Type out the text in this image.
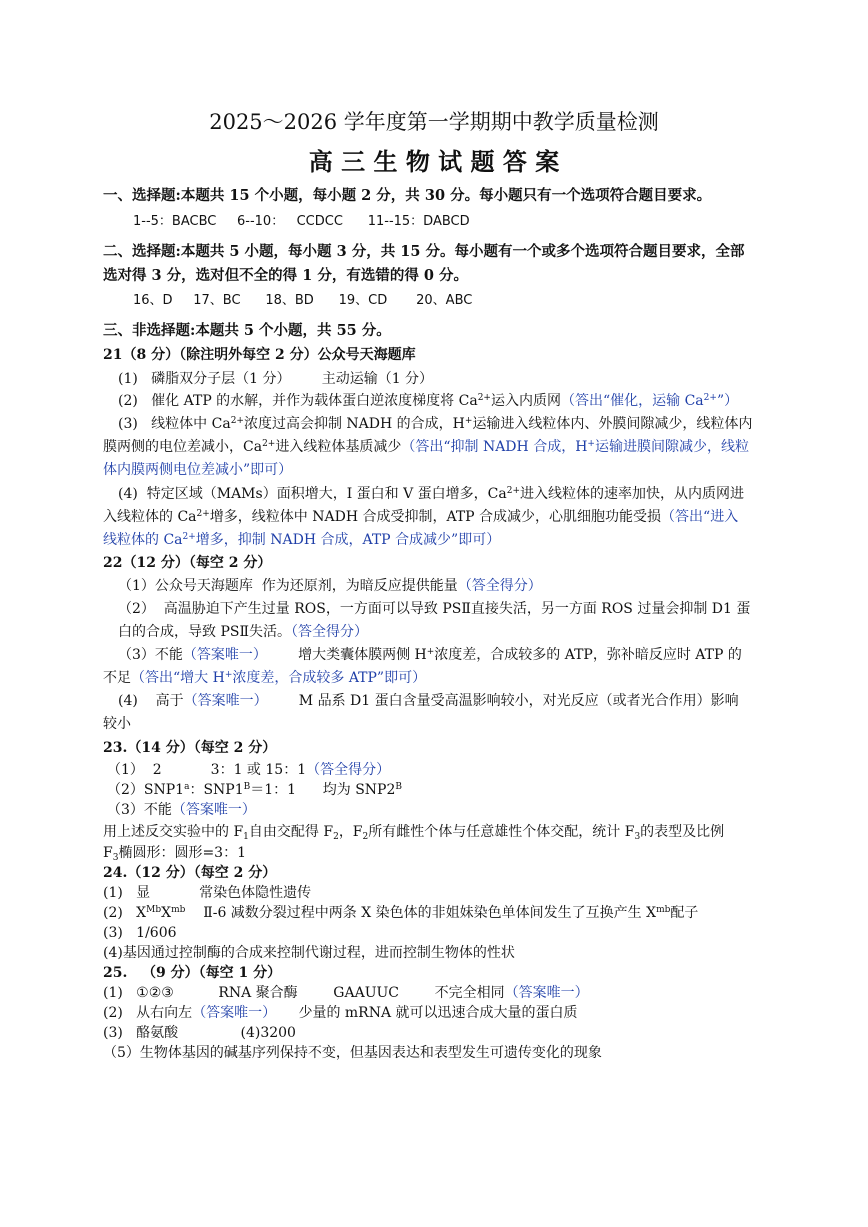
2025～2026 学年度第一学期期中教学质量检测
高 三 生 物 试 题 答 案
一、选择题:本题共 15 个小题，每小题 2 分，共 30 分。每小题只有一个选项符合题目要求。
1--5：BACBC     6--10：   CCDCC      11--15：DABCD
二、选择题:本题共 5 小题，每小题 3 分，共 15 分。每小题有一个或多个选项符合题目要求，全部
选对得 3 分，选对但不全的得 1 分，有选错的得 0 分。
16、D     17、BC      18、BD      19、CD       20、ABC
三、非选择题:本题共 5 个小题，共 55 分。
21（8 分）（除注明外每空 2 分）公众号天海题库
(1)   磷脂双分子层（1 分）       主动运输（1 分）
(2)   催化 ATP 的水解，并作为载体蛋白逆浓度梯度将 $Ca^{2+}$运入内质网（答出“催化，运输 $Ca^{2+}$”）
(3)   线粒体中 $Ca^{2+}$浓度过高会抑制 NADH 的合成，H+运输进入线粒体内、外膜间隙减少，线粒体内
膜两侧的电位差减小，$Ca^{2+}$进入线粒体基质减少（答出“抑制 NADH 合成，H+运输进膜间隙减少，线粒
体内膜两侧电位差减小”即可）
(4)  特定区域（MAMs）面积增大，I 蛋白和 V 蛋白增多，$Ca^{2+}$进入线粒体的速率加快，从内质网进
入线粒体的 $Ca^{2+}$增多，线粒体中 NADH 合成受抑制，ATP 合成减少，心肌细胞功能受损（答出“进入
线粒体的 $Ca^{2+}$增多，抑制 NADH 合成，ATP 合成减少”即可）
22（12 分）（每空 2 分）
（1）公众号天海题库  作为还原剂，为暗反应提供能量（答全得分）
（2）  高温胁迫下产生过量 ROS，一方面可以导致 PSⅡ直接失活，另一方面 ROS 过量会抑制 D1 蛋
白的合成，导致 PSⅡ失活。（答全得分）
（3）不能（答案唯一）       增大类囊体膜两侧 H+浓度差，合成较多的 ATP，弥补暗反应时 ATP 的
不足（答出“增大 H+浓度差，合成较多 ATP”即可）
(4)    高于（答案唯一）       M 品系 D1 蛋白含量受高温影响较小，对光反应（或者光合作用）影响
较小
23.（14 分）（每空 2 分）
（1）  2           3：1 或 15：1（答全得分）
（2）SNP1$^a$：$SNP1^B=1$：1      均为 $SNP2^B$
（3）不能（答案唯一）
用上述反交实验中的 $F_1$自由交配得 $F_2$，$F_2$所有雌性个体与任意雄性个体交配，统计 $F_3$的表型及比例
$F_3$椭圆形：圆形=3：1
24.（12 分）（每空 2 分）
(1)   显           常染色体隐性遗传
(2)   $X^{Mb}X^{mb}$    Ⅱ-6 减数分裂过程中两条 X 染色体的非姐妹染色单体间发生了互换产生 $X^{mb}$配子
(3)   1/606
(4)基因通过控制酶的合成来控制代谢过程，进而控制生物体的性状
25.   （9 分）（每空 1 分）
(1)   ①②③          RNA 聚合酶        GAAUUC        不完全相同（答案唯一）
(2)   从右向左（答案唯一）     少量的 mRNA 就可以迅速合成大量的蛋白质
(3)   酪氨酸              (4)3200
（5）生物体基因的碱基序列保持不变，但基因表达和表型发生可遗传变化的现象
